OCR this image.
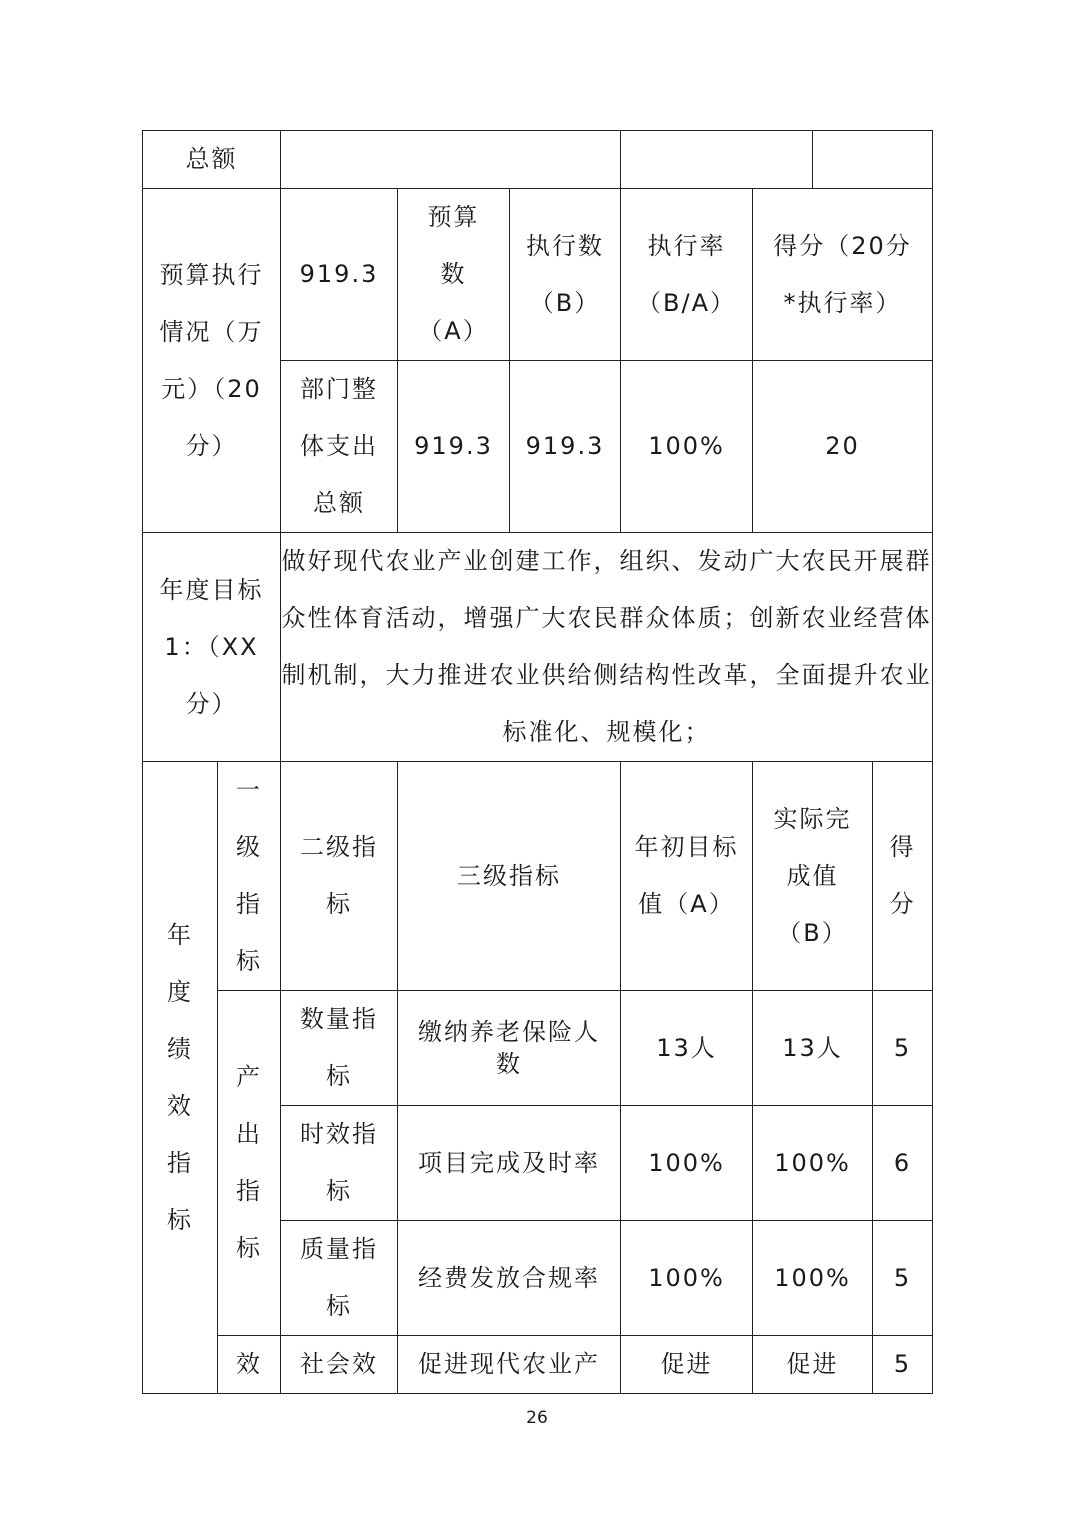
总额								
预算执行情况（万元）（20分）		919.3	预算数（A）	执行数（B）	执行率（B/A）	得分（20分*执行率）		
		部门整体支出总额	919.3	919.3	100%	20		
年度目标1：（XX分）		做好现代农业产业创建工作，组织、发动广大农民开展群众性体育活动，增强广大农民群众体质；创新农业经营体制机制，大力推进农业供给侧结构性改革，全面提升农业标准化、规模化；						
年度绩效指标	一级指标	二级指标	三级指标		年初目标值（A）	实际完成值（B）		得分
	产出指标	数量指标	缴纳养老保险人数		13人	13人		5
		时效指标	项目完成及时率		100%	100%		6
		质量指标	经费发放合规率		100%	100%		5
	效	社会效	促进现代农业产		促进	促进		5
26
